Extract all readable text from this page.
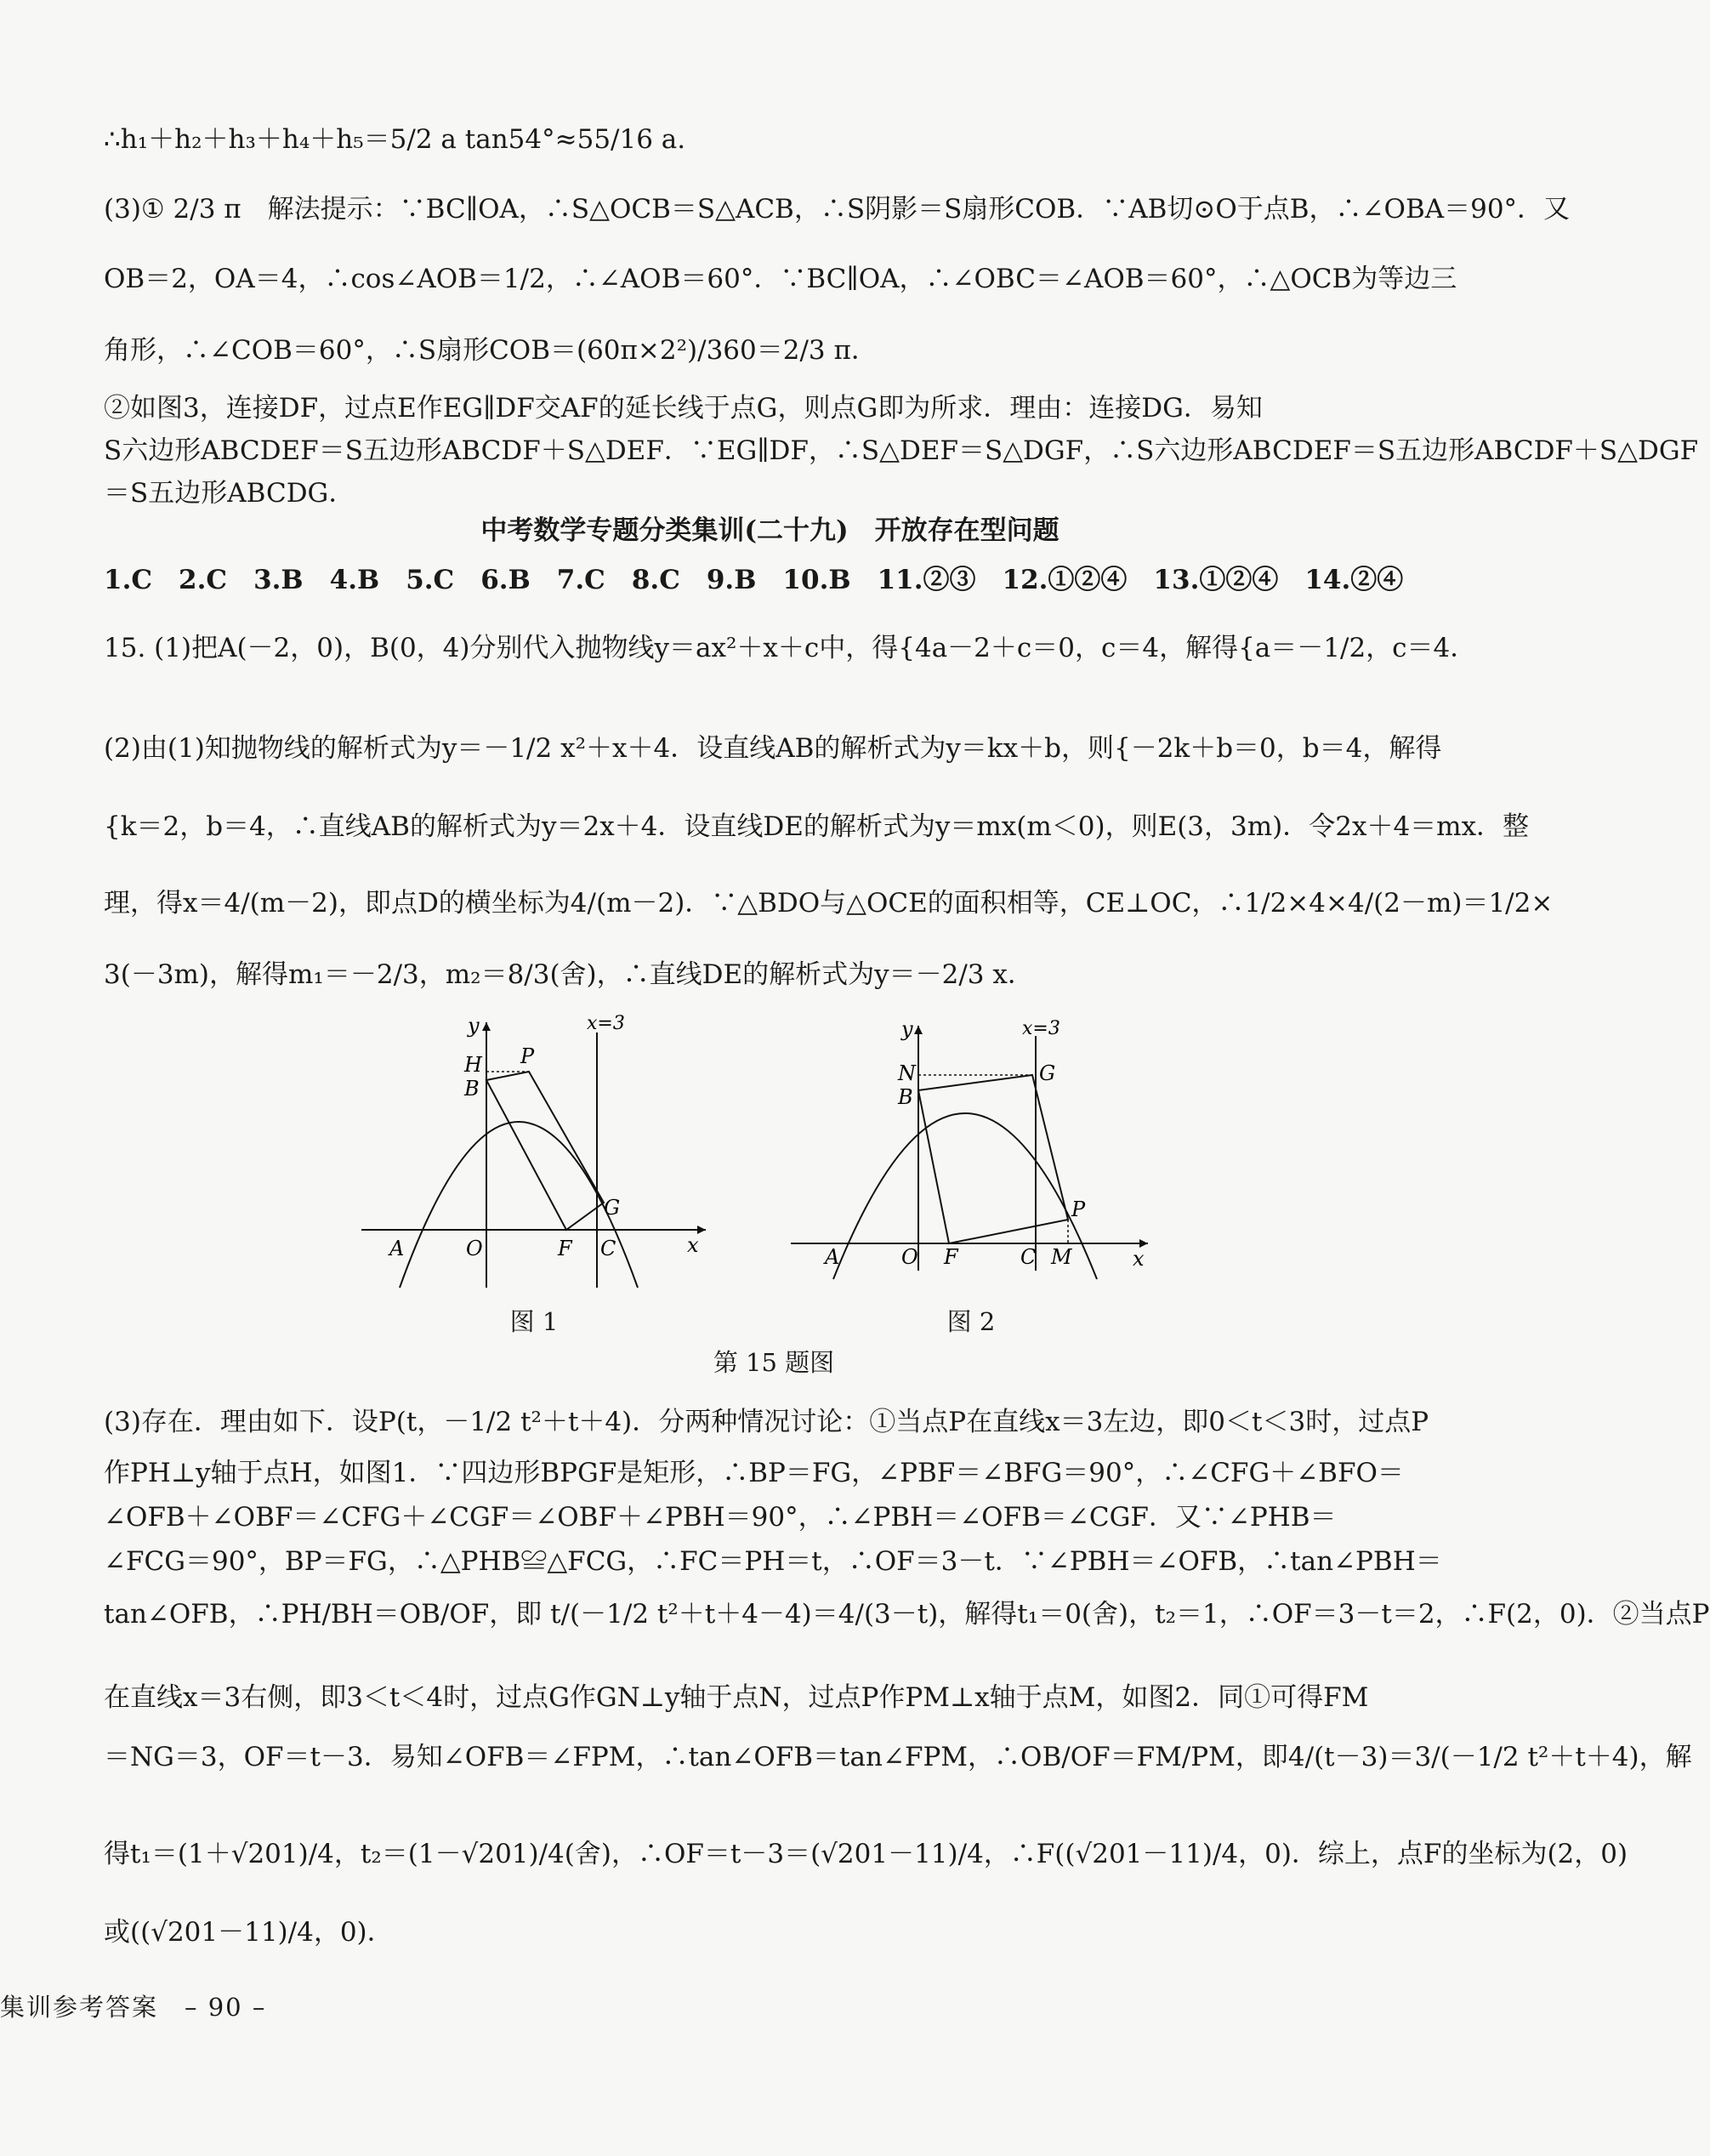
∴h₁＋h₂＋h₃＋h₄＋h₅＝5/2 a tan54°≈55/16 a.
(3)① 2/3 π　解法提示：∵BC∥OA，∴S△OCB＝S△ACB，∴S阴影＝S扇形COB．∵AB切⊙O于点B，∴∠OBA＝90°．又
OB＝2，OA＝4，∴cos∠AOB＝1/2，∴∠AOB＝60°．∵BC∥OA，∴∠OBC＝∠AOB＝60°，∴△OCB为等边三
角形，∴∠COB＝60°，∴S扇形COB＝(60π×2²)/360＝2/3 π．
②如图3，连接DF，过点E作EG∥DF交AF的延长线于点G，则点G即为所求．理由：连接DG．易知
S六边形ABCDEF＝S五边形ABCDF＋S△DEF．∵EG∥DF，∴S△DEF＝S△DGF，∴S六边形ABCDEF＝S五边形ABCDF＋S△DGF
＝S五边形ABCDG．
中考数学专题分类集训(二十九)　开放存在型问题
1.C　2.C　3.B　4.B　5.C　6.B　7.C　8.C　9.B　10.B　11.②③　12.①②④　13.①②④　14.②④
15. (1)把A(－2，0)，B(0，4)分别代入抛物线y＝ax²＋x＋c中，得{4a－2＋c＝0，c＝4，解得{a＝－1/2，c＝4．
(2)由(1)知抛物线的解析式为y＝－1/2 x²＋x＋4．设直线AB的解析式为y＝kx＋b，则{－2k＋b＝0，b＝4，解得
{k＝2，b＝4，∴直线AB的解析式为y＝2x＋4．设直线DE的解析式为y＝mx(m＜0)，则E(3，3m)．令2x＋4＝mx．整
理，得x＝4/(m－2)，即点D的横坐标为4/(m－2)．∵△BDO与△OCE的面积相等，CE⊥OC，∴1/2×4×4/(2－m)＝1/2×
3(－3m)，解得m₁＝－2/3，m₂＝8/3(舍)，∴直线DE的解析式为y＝－2/3 x．
y	x=3
H P
B
A	O	F C
G
x
图 1
y	x=3
N	G
B
P
A	O F	C M	x
图 2
第 15 题图
(3)存在．理由如下．设P(t，－1/2 t²＋t＋4)．分两种情况讨论：①当点P在直线x＝3左边，即0＜t＜3时，过点P
作PH⊥y轴于点H，如图1．∵四边形BPGF是矩形，∴BP＝FG，∠PBF＝∠BFG＝90°，∴∠CFG＋∠BFO＝
∠OFB＋∠OBF＝∠CFG＋∠CGF＝∠OBF＋∠PBH＝90°，∴∠PBH＝∠OFB＝∠CGF．又∵∠PHB＝
∠FCG＝90°，BP＝FG，∴△PHB≌△FCG，∴FC＝PH＝t，∴OF＝3－t．∵∠PBH＝∠OFB，∴tan∠PBH＝
tan∠OFB，∴PH/BH＝OB/OF，即 t/(－1/2 t²＋t＋4－4)＝4/(3－t)，解得t₁＝0(舍)，t₂＝1，∴OF＝3－t＝2，∴F(2，0)．②当点P
在直线x＝3右侧，即3＜t＜4时，过点G作GN⊥y轴于点N，过点P作PM⊥x轴于点M，如图2．同①可得FM
＝NG＝3，OF＝t－3．易知∠OFB＝∠FPM，∴tan∠OFB＝tan∠FPM，∴OB/OF＝FM/PM，即4/(t－3)＝3/(－1/2 t²＋t＋4)，解
得t₁＝(1＋√201)/4，t₂＝(1－√201)/4(舍)，∴OF＝t－3＝(√201－11)/4，∴F((√201－11)/4，0)．综上，点F的坐标为(2，0)
或((√201－11)/4，0)．
集训参考答案　– 90 –
